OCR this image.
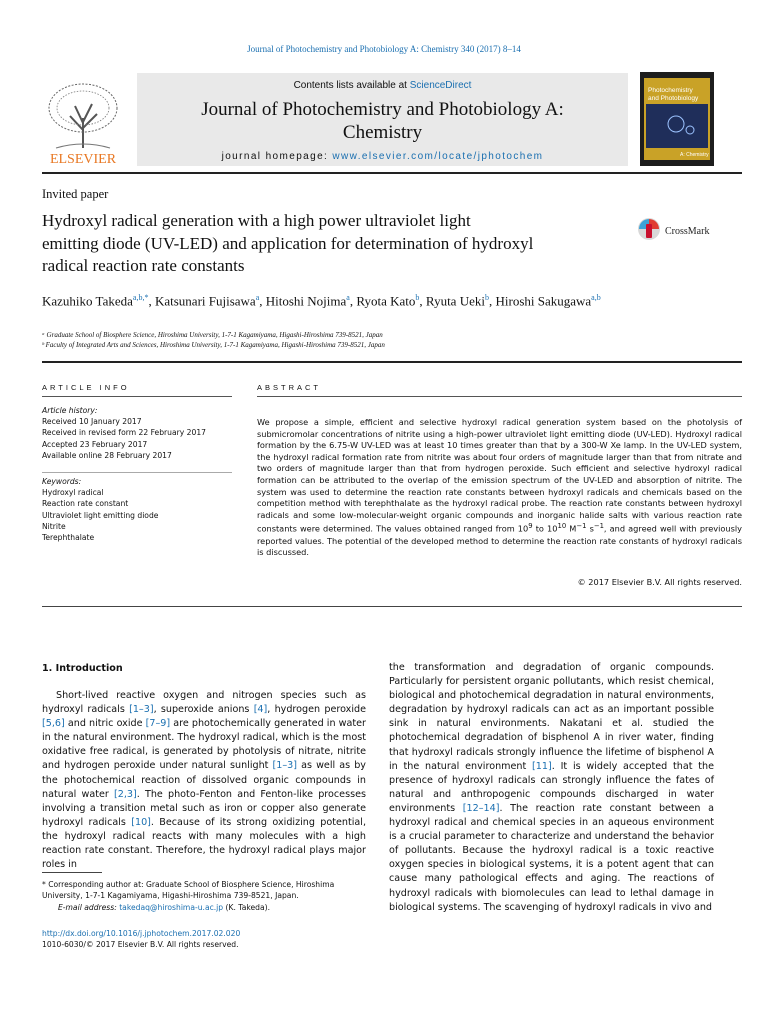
Journal of Photochemistry and Photobiology A: Chemistry 340 (2017) 8–14
ELSEVIER
Contents lists available at ScienceDirect
Journal of Photochemistry and Photobiology A:
Chemistry
journal homepage: www.elsevier.com/locate/jphotochem
Photochemistry
and Photobiology
A: Chemistry
Invited paper
Hydroxyl radical generation with a high power ultraviolet light
emitting diode (UV-LED) and application for determination of hydroxyl
radical reaction rate constants
CrossMark
Kazuhiko Takeda$^{a,b,*}$, Katsunari Fujisawa$^a$, Hitoshi Nojima$^a$, Ryota Kato$^b$, Ryuta Ueki$^b$, Hiroshi Sakugawa$^{a,b}$
ᵃ Graduate School of Biosphere Science, Hiroshima University, 1-7-1 Kagamiyama, Higashi-Hiroshima 739-8521, Japan
ᵇ Faculty of Integrated Arts and Sciences, Hiroshima University, 1-7-1 Kagamiyama, Higashi-Hiroshima 739-8521, Japan
ARTICLE INFO
Article history:
Received 10 January 2017
Received in revised form 22 February 2017
Accepted 23 February 2017
Available online 28 February 2017
Keywords:
Hydroxyl radical
Reaction rate constant
Ultraviolet light emitting diode
Nitrite
Terephthalate
ABSTRACT
We propose a simple, efficient and selective hydroxyl radical generation system based on the photolysis of submicromolar concentrations of nitrite using a high-power ultraviolet light emitting diode (UV-LED). Hydroxyl radical formation by the 6.75-W UV-LED was at least 10 times greater than that by a 300-W Xe lamp. In the UV-LED system, the hydroxyl radical formation rate from nitrite was about four orders of magnitude larger than that from nitrate and two orders of magnitude larger than that from hydrogen peroxide. Such efficient and selective hydroxyl radical formation can be attributed to the overlap of the emission spectrum of the UV-LED and absorption of nitrite. The system was used to determine the reaction rate constants between hydroxyl radicals and chemicals based on the competition method with terephthalate as the hydroxyl radical probe. The reaction rate constants between hydroxyl radicals and some low-molecular-weight organic compounds and inorganic halide salts with various reaction rate constants were determined. The values obtained ranged from $10^9$ to $10^{10}$ $M^{-1}$ $s^{-1}$, and agreed well with previously reported values. The potential of the developed method to determine the reaction rate constants of hydroxyl radicals is discussed.
© 2017 Elsevier B.V. All rights reserved.
1. Introduction
Short-lived reactive oxygen and nitrogen species such as hydroxyl radicals [1–3], superoxide anions [4], hydrogen peroxide [5,6] and nitric oxide [7–9] are photochemically generated in water in the natural environment. The hydroxyl radical, which is the most oxidative free radical, is generated by photolysis of nitrate, nitrite and hydrogen peroxide under natural sunlight [1–3] as well as by the photochemical reaction of dissolved organic compounds in natural water [2,3]. The photo-Fenton and Fenton-like processes involving a transition metal such as iron or copper also generate hydroxyl radicals [10]. Because of its strong oxidizing potential, the hydroxyl radical reacts with many molecules with a high reaction rate constant. Therefore, the hydroxyl radical plays major roles in
the transformation and degradation of organic compounds. Particularly for persistent organic pollutants, which resist chemical, biological and photochemical degradation in natural environments, degradation by hydroxyl radicals can act as an important possible sink in natural environments. Nakatani et al. studied the photochemical degradation of bisphenol A in river water, finding that hydroxyl radicals strongly influence the lifetime of bisphenol A in the natural environment [11]. It is widely accepted that the presence of hydroxyl radicals can strongly influence the fates of natural and anthropogenic compounds discharged in water environments [12–14]. The reaction rate constant between a hydroxyl radical and chemical species in an aqueous environment is a crucial parameter to characterize and understand the behavior of pollutants. Because the hydroxyl radical is a toxic reactive oxygen species in biological systems, it is a potent agent that can cause many pathological effects and aging. The reactions of hydroxyl radicals with biomolecules can lead to lethal damage in biological systems. The scavenging of hydroxyl radicals in vivo and
* Corresponding author at: Graduate School of Biosphere Science, Hiroshima University, 1-7-1 Kagamiyama, Higashi-Hiroshima 739-8521, Japan.
E-mail address: takedaq@hiroshima-u.ac.jp (K. Takeda).
http://dx.doi.org/10.1016/j.jphotochem.2017.02.020
1010-6030/© 2017 Elsevier B.V. All rights reserved.
